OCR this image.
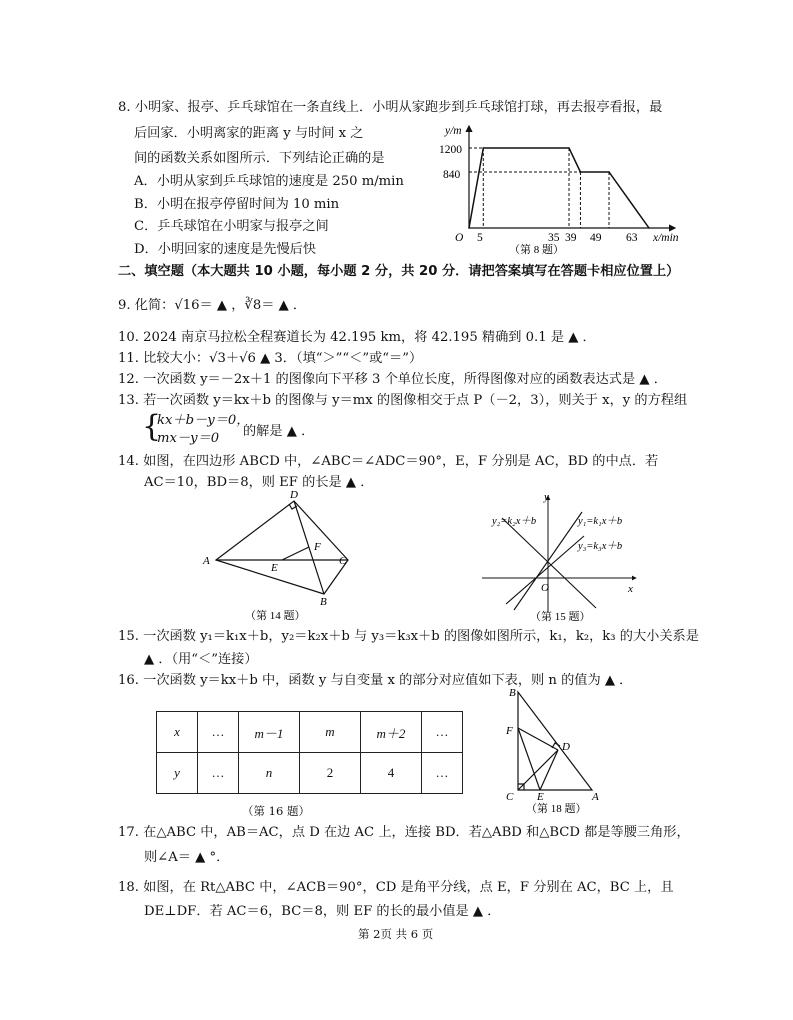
8. 小明家、报亭、乒乓球馆在一条直线上．小明从家跑步到乒乓球馆打球，再去报亭看报，最
后回家．小明离家的距离 y 与时间 x 之
间的函数关系如图所示．下列结论正确的是
A．小明从家到乒乓球馆的速度是 250 m/min
B．小明在报亭停留时间为 10 min
C．乒乓球馆在小明家与报亭之间
D．小明回家的速度是先慢后快
y/m
x/min
O
1200
840
5	35 39 49 63
（第 8 题）
二、填空题（本大题共 10 小题，每小题 2 分，共 20 分．请把答案填写在答题卡相应位置上）
9. 化简：√16＝ ▲ ，∛8＝ ▲ ．
10. 2024 南京马拉松全程赛道长为 42.195 km，将 42.195 精确到 0.1 是 ▲ ．
11. 比较大小：√3＋√6 ▲ 3．（填“＞”“＜”或“＝”）
12. 一次函数 y＝－2x＋1 的图像向下平移 3 个单位长度，所得图像对应的函数表达式是 ▲ ．
13. 若一次函数 y＝kx＋b 的图像与 y＝mx 的图像相交于点 P（－2，3），则关于 x，y 的方程组
{
kx＋b－y＝0，
mx－y＝0 的解是 ▲ ．
14. 如图，在四边形 ABCD 中，∠ABC＝∠ADC＝90°，E，F 分别是 AC，BD 的中点．若
AC＝10，BD＝8，则 EF 的长是 ▲ ．
D
A	C
E
F
B
（第 14 题）
y
x
O
y₂=k₂x＋b	y₁=k₁x＋b
y₃=k₃x＋b
（第 15 题）
15. 一次函数 y₁＝k₁x＋b，y₂＝k₂x＋b 与 y₃＝k₃x＋b 的图像如图所示，k₁，k₂，k₃ 的大小关系是
▲ ．（用“＜”连接）
16. 一次函数 y＝kx＋b 中，函数 y 与自变量 x 的部分对应值如下表，则 n 的值为 ▲ ．
x	…	m－1	m	m＋2	…
y	…	n	2	4	…
（第 16 题）
B
F
D
C E	A
（第 18 题）
17. 在△ABC 中，AB＝AC，点 D 在边 AC 上，连接 BD．若△ABD 和△BCD 都是等腰三角形，
则∠A＝ ▲ °．
18. 如图，在 Rt△ABC 中，∠ACB＝90°，CD 是角平分线，点 E，F 分别在 AC，BC 上，且
DE⊥DF．若 AC＝6，BC＝8，则 EF 的长的最小值是 ▲ ．
第 2页 共 6 页
